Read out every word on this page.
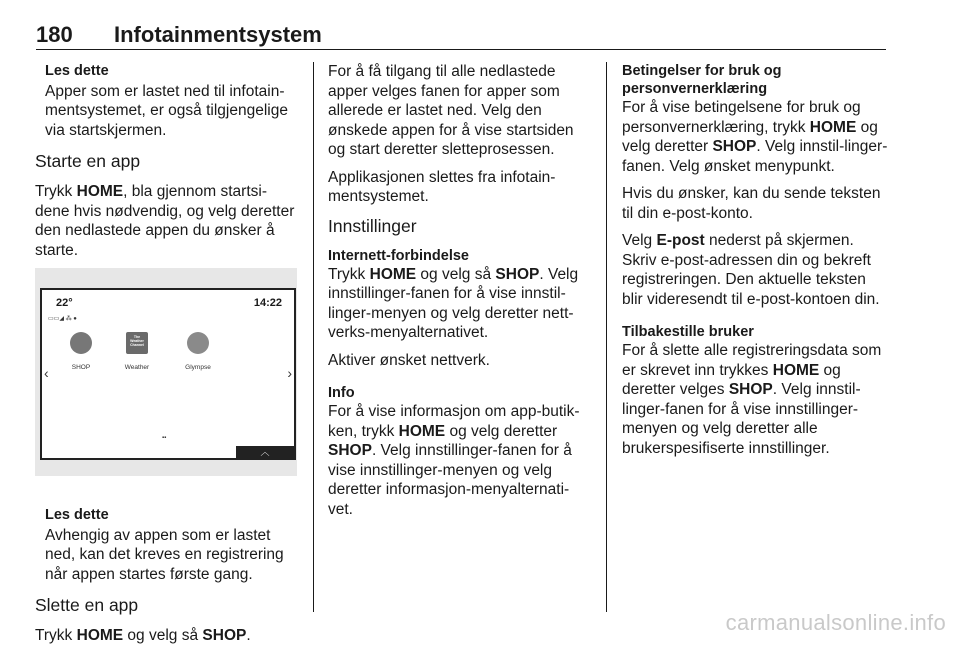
180 Infotainmentsystem

Les dette

Apper som er lastet ned til infotain-mentsystemet, er også tilgjengelige via startskjermen.

Starte en app

Trykk HOME, bla gjennom startsi-dene hvis nødvendig, og velg deretter den nedlastede appen du ønsker å starte.

22°	14:22
▭▭◢ ⁂ ●
SHOP
The Weather Channel
Weather	Glympse
‹	›
▪▪
︿

Les dette

Avhengig av appen som er lastet ned, kan det kreves en registrering når appen startes første gang.

Slette en app

Trykk HOME og velg så SHOP.

For å få tilgang til alle nedlastede apper velges fanen for apper som allerede er lastet ned. Velg den ønskede appen for å vise startsiden og start deretter sletteprosessen.

Applikasjonen slettes fra infotain-mentsystemet.

Innstillinger

Internett-forbindelse

Trykk HOME og velg så SHOP. Velg innstillinger-fanen for å vise innstil-linger-menyen og velg deretter nett-verks-menyalternativet.

Aktiver ønsket nettverk.

Info

For å vise informasjon om app-butik-ken, trykk HOME og velg deretter SHOP. Velg innstillinger-fanen for å vise innstillinger-menyen og velg deretter informasjon-menyalternati-vet.

Betingelser for bruk og personvernerklæring

For å vise betingelsene for bruk og personvernerklæring, trykk HOME og velg deretter SHOP. Velg innstil-linger-fanen. Velg ønsket menypunkt.

Hvis du ønsker, kan du sende teksten til din e-post-konto.

Velg E-post nederst på skjermen. Skriv e-post-adressen din og bekreft registreringen. Den aktuelle teksten blir videresendt til e-post-kontoen din.

Tilbakestille bruker

For å slette alle registreringsdata som er skrevet inn trykkes HOME og deretter velges SHOP. Velg innstil-linger-fanen for å vise innstillinger-menyen og velg deretter alle brukerspesifiserte innstillinger.

carmanualsonline.info
